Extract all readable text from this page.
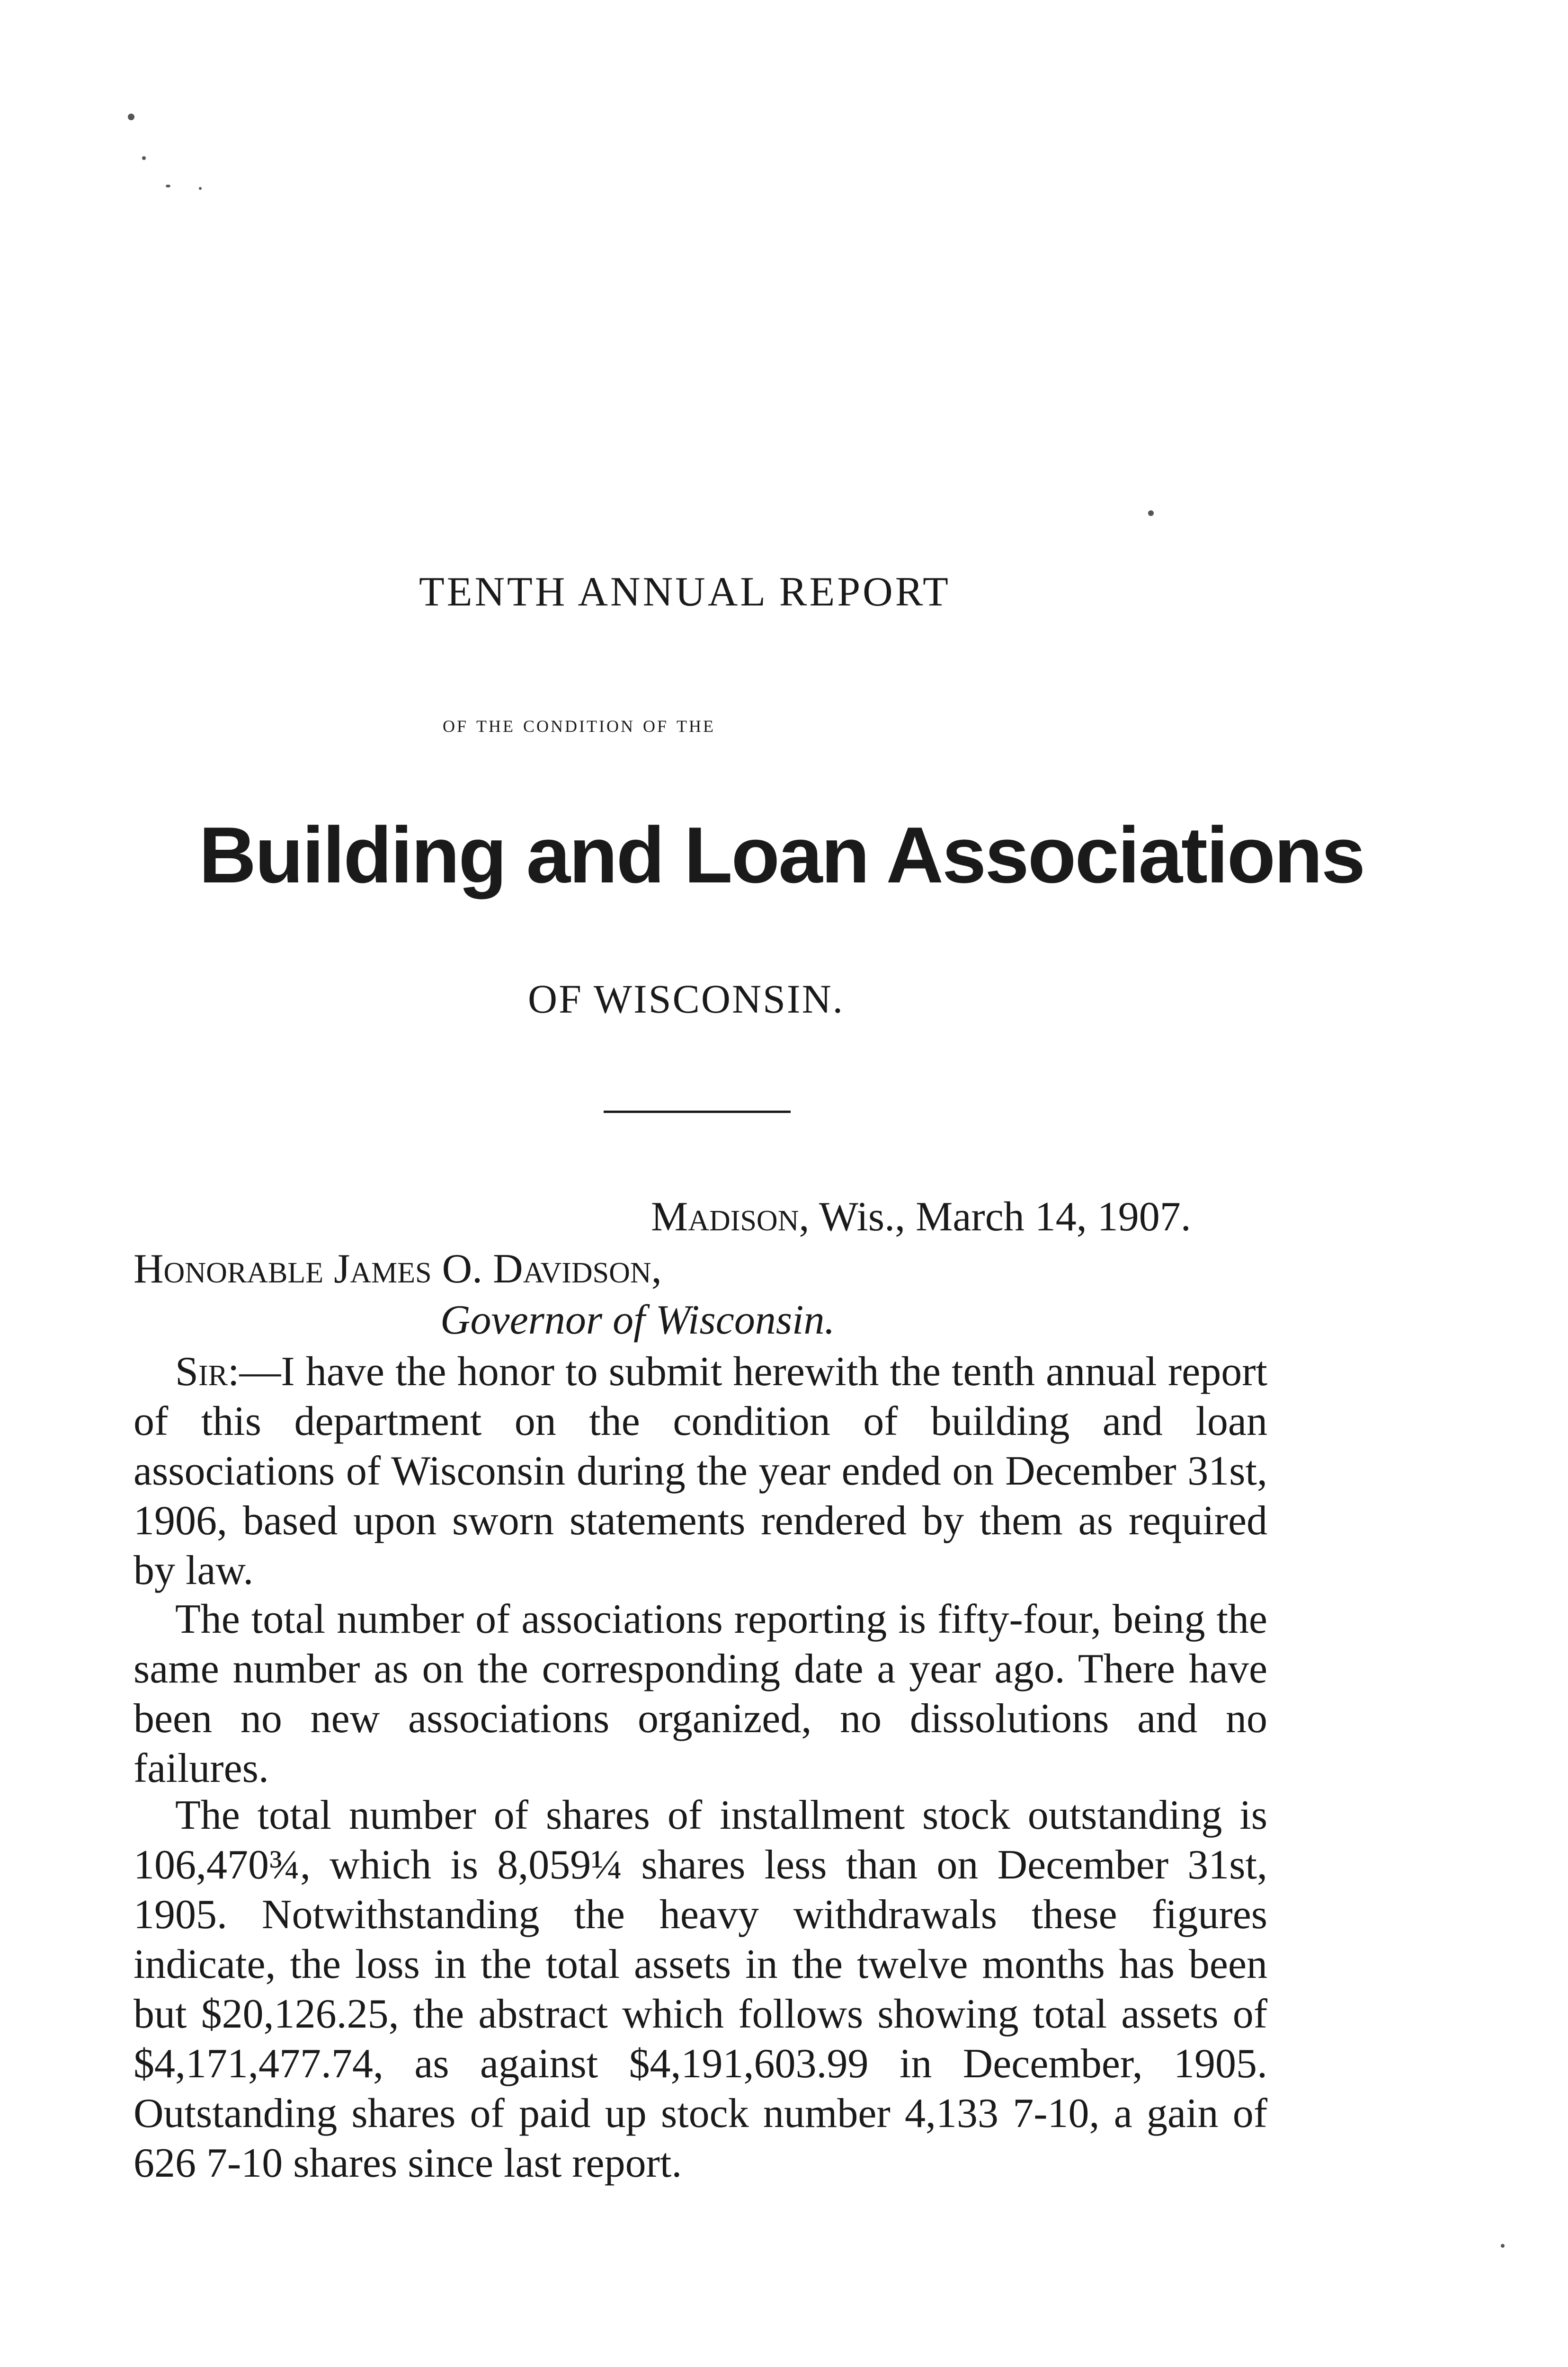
TENTH ANNUAL REPORT
of the condition of the
Building and Loan Associations
OF WISCONSIN.
Madison, Wis., March 14, 1907.
Honorable James O. Davidson,
Governor of Wisconsin.

Sir:—I have the honor to submit herewith the tenth annual report of this department on the condition of building and loan associations of Wisconsin during the year ended on December 31st, 1906, based upon sworn statements rendered by them as required by law.

The total number of associations reporting is fifty-four, being the same number as on the corresponding date a year ago. There have been no new associations organized, no dissolutions and no failures.

The total number of shares of installment stock outstanding is 106,470¾, which is 8,059¼ shares less than on December 31st, 1905. Notwithstanding the heavy withdrawals these figures indicate, the loss in the total assets in the twelve months has been but $20,126.25, the abstract which follows showing total assets of $4,171,477.74, as against $4,191,603.99 in December, 1905. Outstanding shares of paid up stock number 4,133 7-10, a gain of 626 7-10 shares since last report.
